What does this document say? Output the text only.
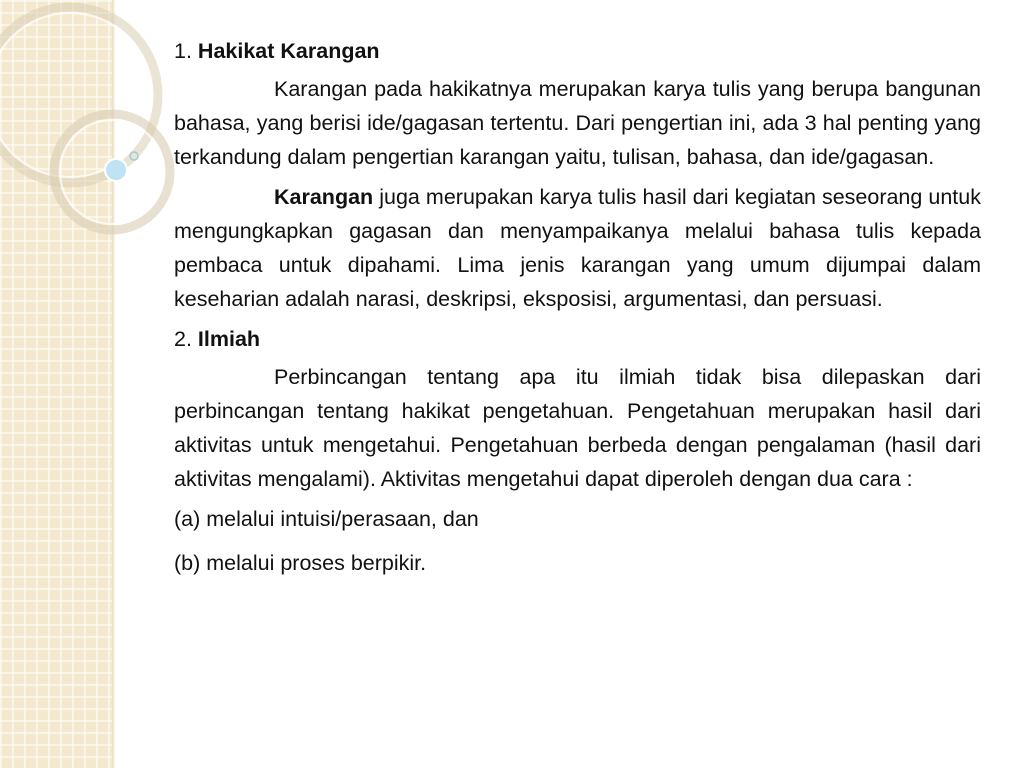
1. Hakikat Karangan

Karangan pada hakikatnya merupakan karya tulis yang berupa bangunan bahasa, yang berisi ide/gagasan tertentu. Dari pengertian ini, ada 3 hal penting yang terkandung dalam pengertian karangan yaitu, tulisan, bahasa, dan ide/gagasan.

Karangan juga merupakan karya tulis hasil dari kegiatan seseorang untuk mengungkapkan gagasan dan menyampaikanya melalui bahasa tulis kepada pembaca untuk dipahami. Lima jenis karangan yang umum dijumpai dalam keseharian adalah narasi, deskripsi, eksposisi, argumentasi, dan persuasi.

2. Ilmiah

Perbincangan tentang apa itu ilmiah tidak bisa dilepaskan dari perbincangan tentang hakikat pengetahuan. Pengetahuan merupakan hasil dari aktivitas untuk mengetahui. Pengetahuan berbeda dengan pengalaman (hasil dari aktivitas mengalami). Aktivitas mengetahui dapat diperoleh dengan dua cara :

(a) melalui intuisi/perasaan, dan

(b) melalui proses berpikir.
